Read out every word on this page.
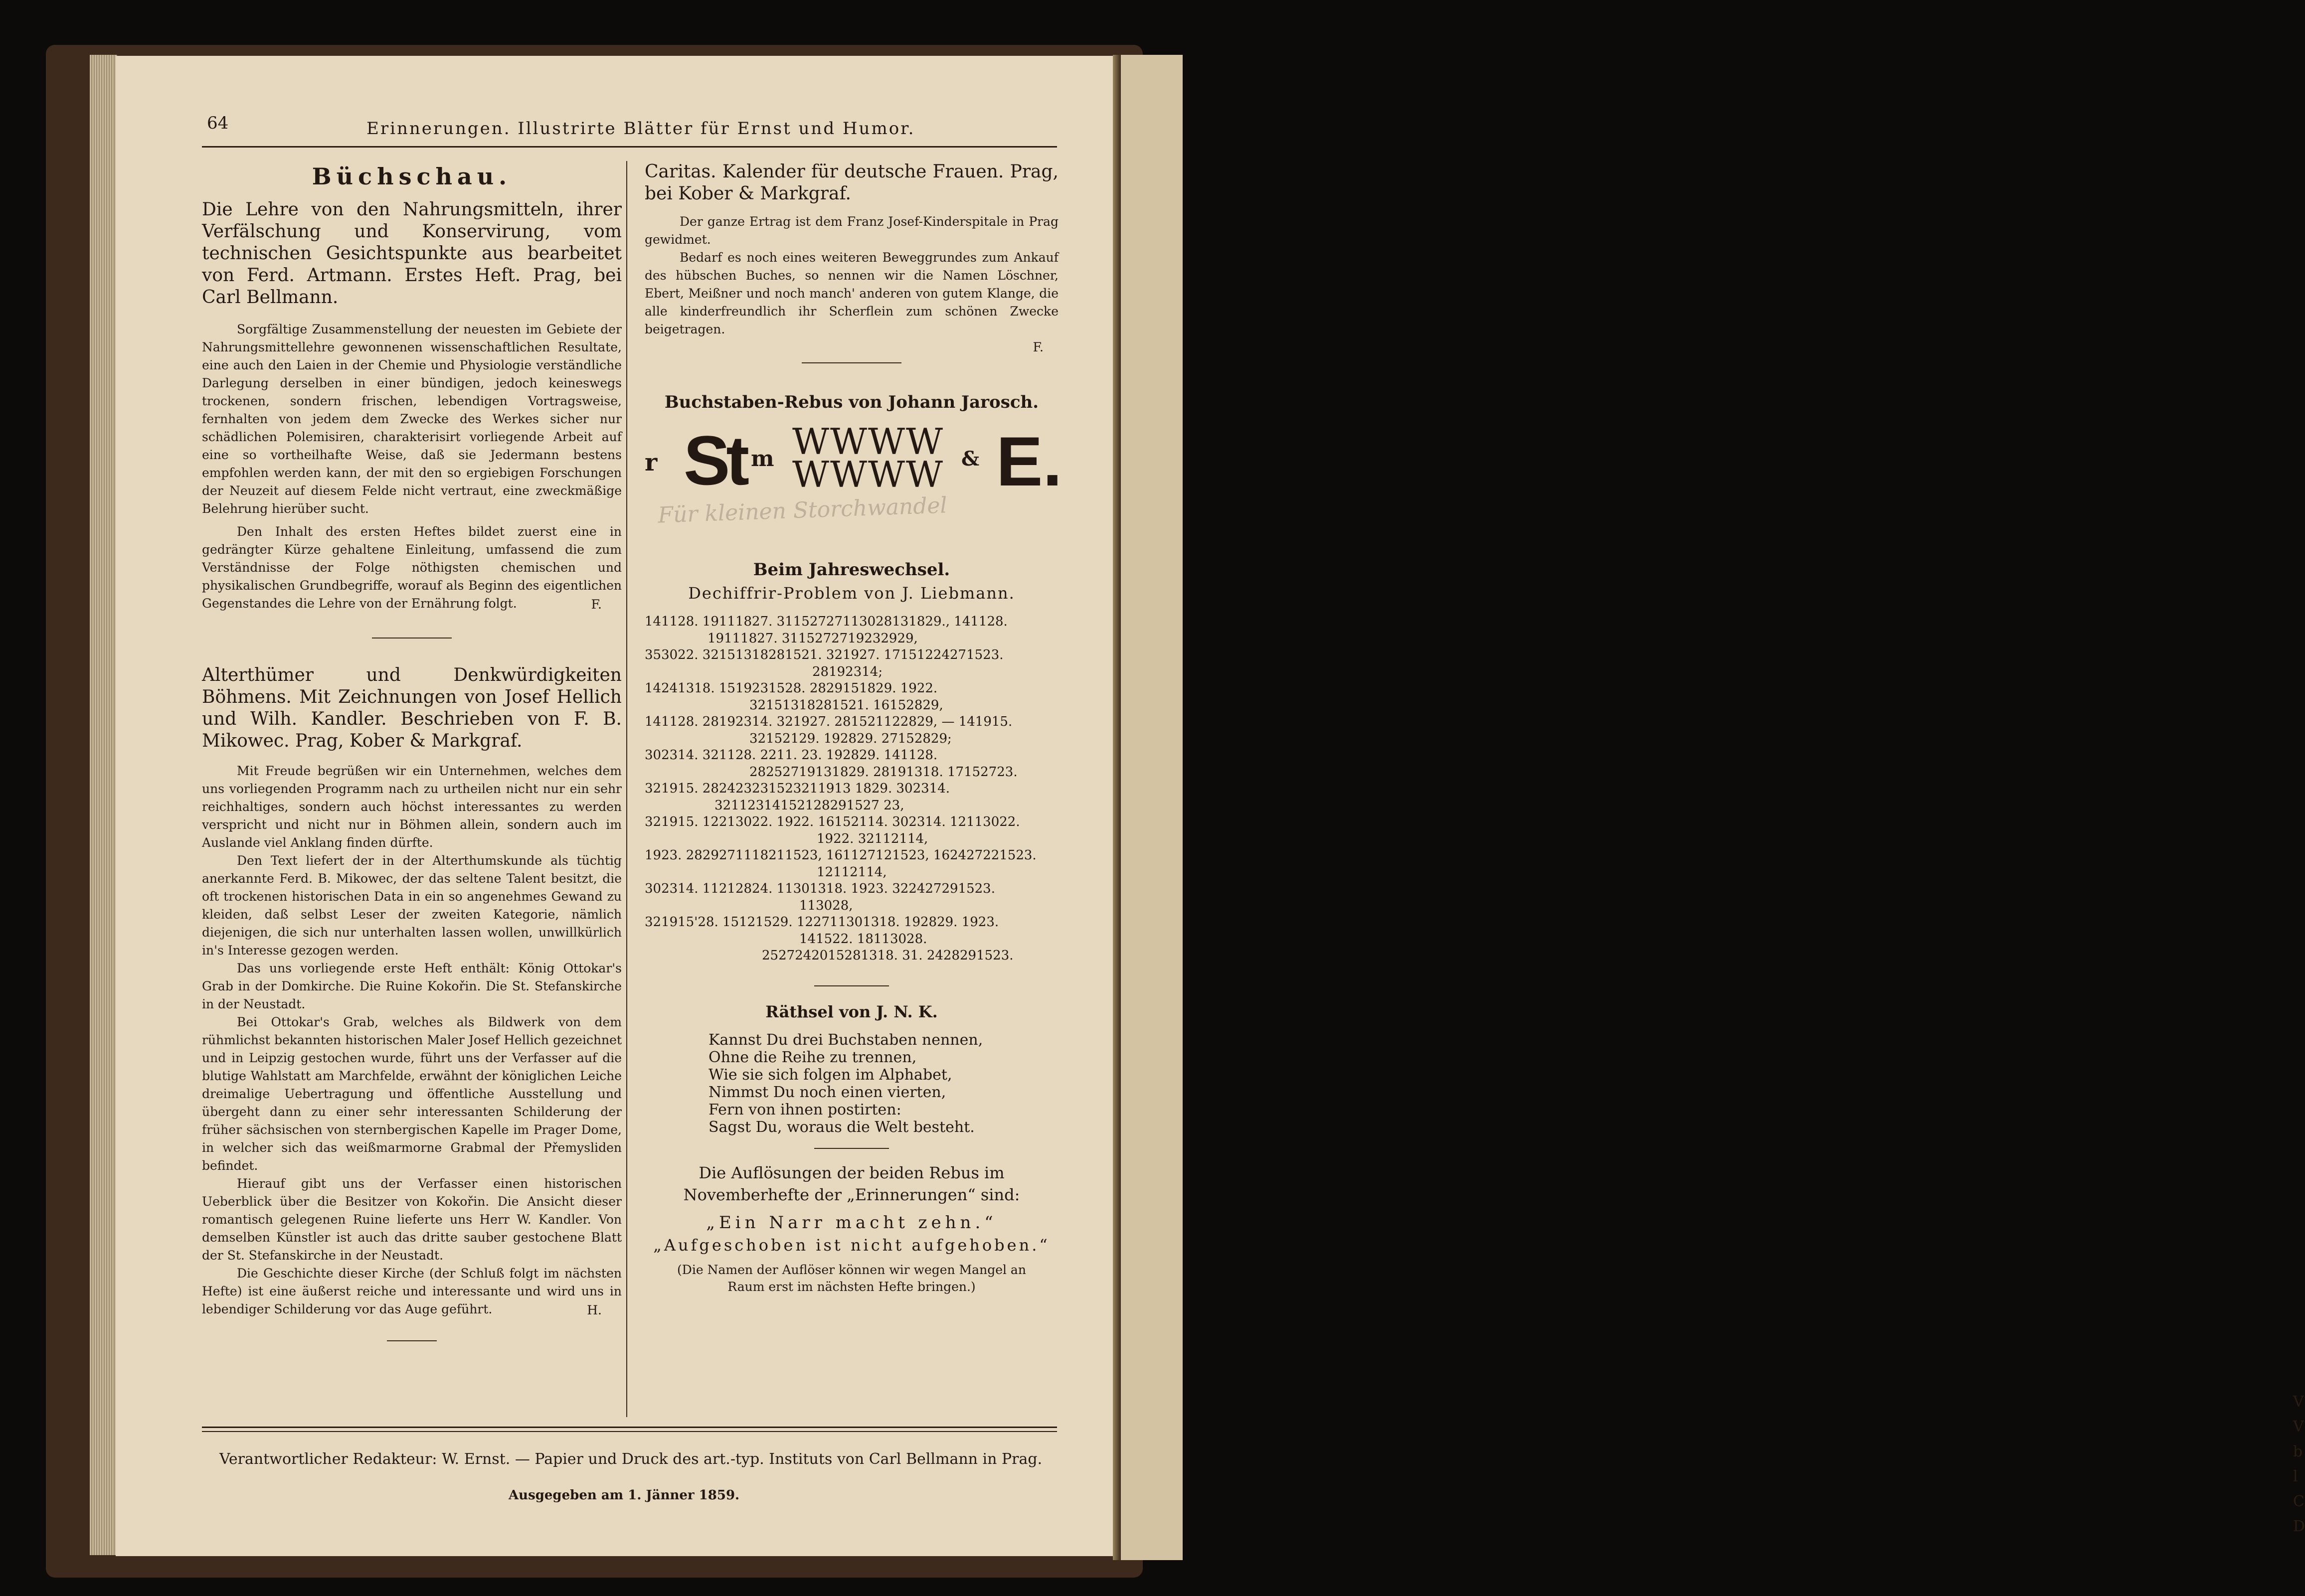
V
V
b
l
C
D
64	Erinnerungen. Illustrirte Blätter für Ernst und Humor.
Büchschau.
Die Lehre von den Nahrungsmitteln, ihrer Verfälschung und Konservirung, vom technischen Gesichtspunkte aus bearbeitet von Ferd. Artmann. Erstes Heft. Prag, bei Carl Bellmann.

Sorgfältige Zusammenstellung der neuesten im Gebiete der Nahrungsmittellehre gewonnenen wissenschaftlichen Resultate, eine auch den Laien in der Chemie und Physiologie verständliche Darlegung derselben in einer bündigen, jedoch keineswegs trockenen, sondern frischen, lebendigen Vortragsweise, fernhalten von jedem dem Zwecke des Werkes sicher nur schädlichen Polemisiren, charakterisirt vorliegende Arbeit auf eine so vortheilhafte Weise, daß sie Jedermann bestens empfohlen werden kann, der mit den so ergiebigen Forschungen der Neuzeit auf diesem Felde nicht vertraut, eine zweckmäßige Belehrung hierüber sucht.

Den Inhalt des ersten Heftes bildet zuerst eine in gedrängter Kürze gehaltene Einleitung, umfassend die zum Verständnisse der Folge nöthigsten chemischen und physikalischen Grundbegriffe, worauf als Beginn des eigentlichen Gegenstandes die Lehre von der Ernährung folgt.	F.
Alterthümer und Denkwürdigkeiten Böhmens. Mit Zeichnungen von Josef Hellich und Wilh. Kandler. Beschrieben von F. B. Mikowec. Prag, Kober & Markgraf.

Mit Freude begrüßen wir ein Unternehmen, welches dem uns vorliegenden Programm nach zu urtheilen nicht nur ein sehr reichhaltiges, sondern auch höchst interessantes zu werden verspricht und nicht nur in Böhmen allein, sondern auch im Auslande viel Anklang finden dürfte.

Den Text liefert der in der Alterthumskunde als tüchtig anerkannte Ferd. B. Mikowec, der das seltene Talent besitzt, die oft trockenen historischen Data in ein so angenehmes Gewand zu kleiden, daß selbst Leser der zweiten Kategorie, nämlich diejenigen, die sich nur unterhalten lassen wollen, unwillkürlich in's Interesse gezogen werden.

Das uns vorliegende erste Heft enthält: König Ottokar's Grab in der Domkirche. Die Ruine Kokořin. Die St. Stefanskirche in der Neustadt.

Bei Ottokar's Grab, welches als Bildwerk von dem rühmlichst bekannten historischen Maler Josef Hellich gezeichnet und in Leipzig gestochen wurde, führt uns der Verfasser auf die blutige Wahlstatt am Marchfelde, erwähnt der königlichen Leiche dreimalige Uebertragung und öffentliche Ausstellung und übergeht dann zu einer sehr interessanten Schilderung der früher sächsischen von sternbergischen Kapelle im Prager Dome, in welcher sich das weißmarmorne Grabmal der Přemysliden befindet.

Hierauf gibt uns der Verfasser einen historischen Ueberblick über die Besitzer von Kokořin. Die Ansicht dieser romantisch gelegenen Ruine lieferte uns Herr W. Kandler. Von demselben Künstler ist auch das dritte sauber gestochene Blatt der St. Stefanskirche in der Neustadt.

Die Geschichte dieser Kirche (der Schluß folgt im nächsten Hefte) ist eine äußerst reiche und interessante und wird uns in lebendiger Schilderung vor das Auge geführt.	H.
Caritas. Kalender für deutsche Frauen. Prag, bei Kober & Markgraf.

Der ganze Ertrag ist dem Franz Josef-Kinderspitale in Prag gewidmet.

Bedarf es noch eines weiteren Beweggrundes zum Ankauf des hübschen Buches, so nennen wir die Namen Löschner, Ebert, Meißner und noch manch' anderen von gutem Klange, die alle kinderfreundlich ihr Scherflein zum schönen Zwecke beigetragen.

F.
Buchstaben-Rebus von Johann Jarosch.
r St m WWWW
WWWW & E.
Beim Jahreswechsel.
Dechiffrir-Problem von J. Liebmann.
141128. 19111827. 31152727113028131829., 141128.
19111827. 3115272719232929,
353022. 32151318281521. 321927. 17151224271523.
28192314;
14241318. 1519231528. 2829151829. 1922.
32151318281521. 16152829,
141128. 28192314. 321927. 281521122829, — 141915.
32152129. 192829. 27152829;
302314. 321128. 2211. 23. 192829. 141128.
28252719131829. 28191318. 17152723.
321915. 282423231523211913 1829. 302314.
32112314152128291527 23,
321915. 12213022. 1922. 16152114. 302314. 12113022.
1922. 32112114,
1923. 2829271118211523, 161127121523, 162427221523.
12112114,
302314. 11212824. 11301318. 1923. 322427291523.
113028,
321915'28. 15121529. 122711301318. 192829. 1923.
141522. 18113028.
2527242015281318. 31. 2428291523.
Räthsel von J. N. K.
Kannst Du drei Buchstaben nennen,
Ohne die Reihe zu trennen,
Wie sie sich folgen im Alphabet,
Nimmst Du noch einen vierten,
Fern von ihnen postirten:
Sagst Du, woraus die Welt besteht.
Die Auflösungen der beiden Rebus im Novemberhefte der „Erinnerungen“ sind:
„Ein Narr macht zehn.“
„Aufgeschoben ist nicht aufgehoben.“
(Die Namen der Auflöser können wir wegen Mangel an Raum erst im nächsten Hefte bringen.)
Für kleinen Storchwandel
Verantwortlicher Redakteur: W. Ernst. — Papier und Druck des art.-typ. Instituts von Carl Bellmann in Prag.
Ausgegeben am 1. Jänner 1859.
